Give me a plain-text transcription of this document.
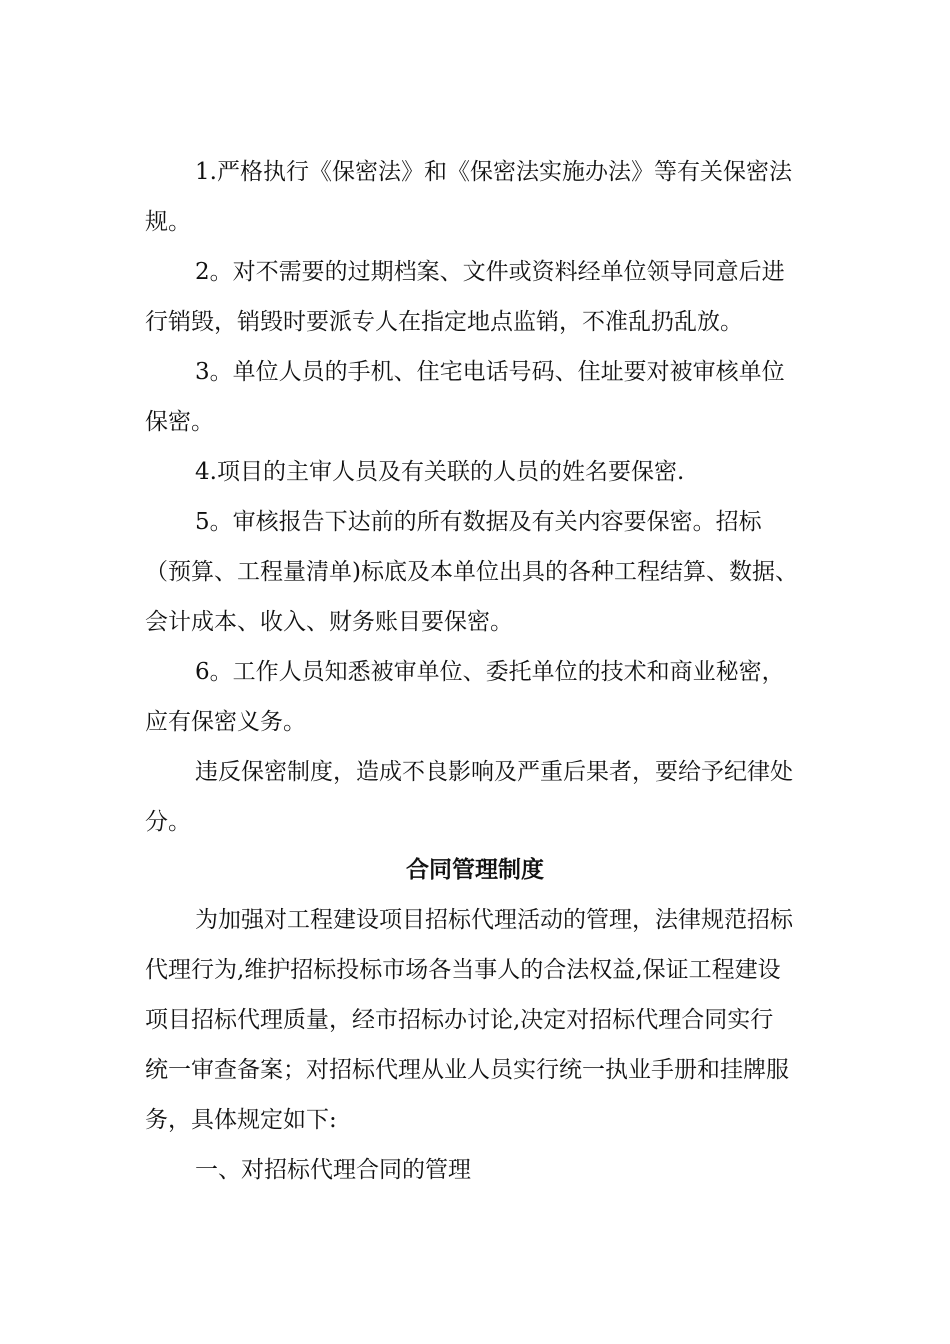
1.严格执行《保密法》和《保密法实施办法》等有关保密法

规。

2。对不需要的过期档案、文件或资料经单位领导同意后进

行销毁，销毁时要派专人在指定地点监销，不准乱扔乱放。

3。单位人员的手机、住宅电话号码、住址要对被审核单位

保密。

4.项目的主审人员及有关联的人员的姓名要保密.

5。审核报告下达前的所有数据及有关内容要保密。招标

（预算、工程量清单)标底及本单位出具的各种工程结算、数据、

会计成本、收入、财务账目要保密。

6。工作人员知悉被审单位、委托单位的技术和商业秘密，

应有保密义务。

违反保密制度，造成不良影响及严重后果者，要给予纪律处

分。

合同管理制度

为加强对工程建设项目招标代理活动的管理，法律规范招标

代理行为,维护招标投标市场各当事人的合法权益,保证工程建设

项目招标代理质量，经市招标办讨论,决定对招标代理合同实行

统一审查备案；对招标代理从业人员实行统一执业手册和挂牌服

务，具体规定如下:

一、对招标代理合同的管理
